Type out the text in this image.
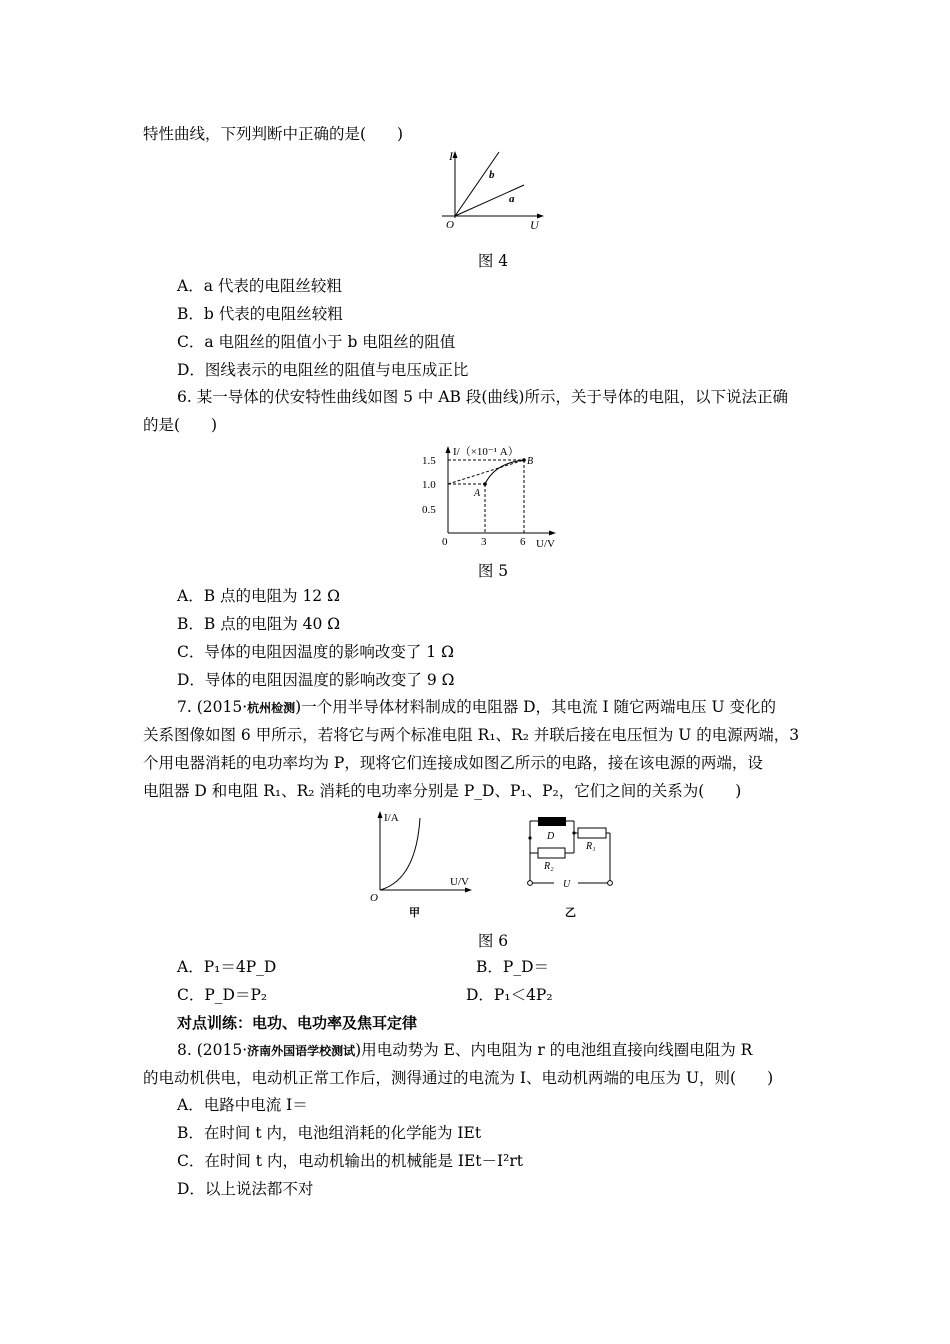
特性曲线，下列判断中正确的是(　　)
I
U
O
b
a
图 4
A．a 代表的电阻丝较粗
B．b 代表的电阻丝较粗
C．a 电阻丝的阻值小于 b 电阻丝的阻值
D．图线表示的电阻丝的阻值与电压成正比
6. 某一导体的伏安特性曲线如图 5 中 AB 段(曲线)所示，关于导体的电阻，以下说法正确
的是(　　)
I/（×10⁻¹ A）
1.5
1.0
0.5
0	3	6 U/V
A
B
图 5
A．B 点的电阻为 12 Ω
B．B 点的电阻为 40 Ω
C．导体的电阻因温度的影响改变了 1 Ω
D．导体的电阻因温度的影响改变了 9 Ω
7. (2015·杭州检测)一个用半导体材料制成的电阻器 D，其电流 I 随它两端电压 U 变化的
关系图像如图 6 甲所示，若将它与两个标准电阻 R₁、R₂ 并联后接在电压恒为 U 的电源两端，3
个用电器消耗的电功率均为 P，现将它们连接成如图乙所示的电路，接在该电源的两端，设
电阻器 D 和电阻 R₁、R₂ 消耗的电功率分别是 P_D、P₁、P₂，它们之间的关系为(　　)
I/A
U/V
O
甲
D
R₁
R₂
U
乙
图 6
A．P₁＝4P_D	B．P_D＝
C．P_D＝P₂	D．P₁＜4P₂
对点训练：电功、电功率及焦耳定律
8. (2015·济南外国语学校测试)用电动势为 E、内电阻为 r 的电池组直接向线圈电阻为 R
的电动机供电，电动机正常工作后，测得通过的电流为 I、电动机两端的电压为 U，则(　　)
A．电路中电流 I＝
B．在时间 t 内，电池组消耗的化学能为 IEt
C．在时间 t 内，电动机输出的机械能是 IEt－I²rt
D．以上说法都不对
